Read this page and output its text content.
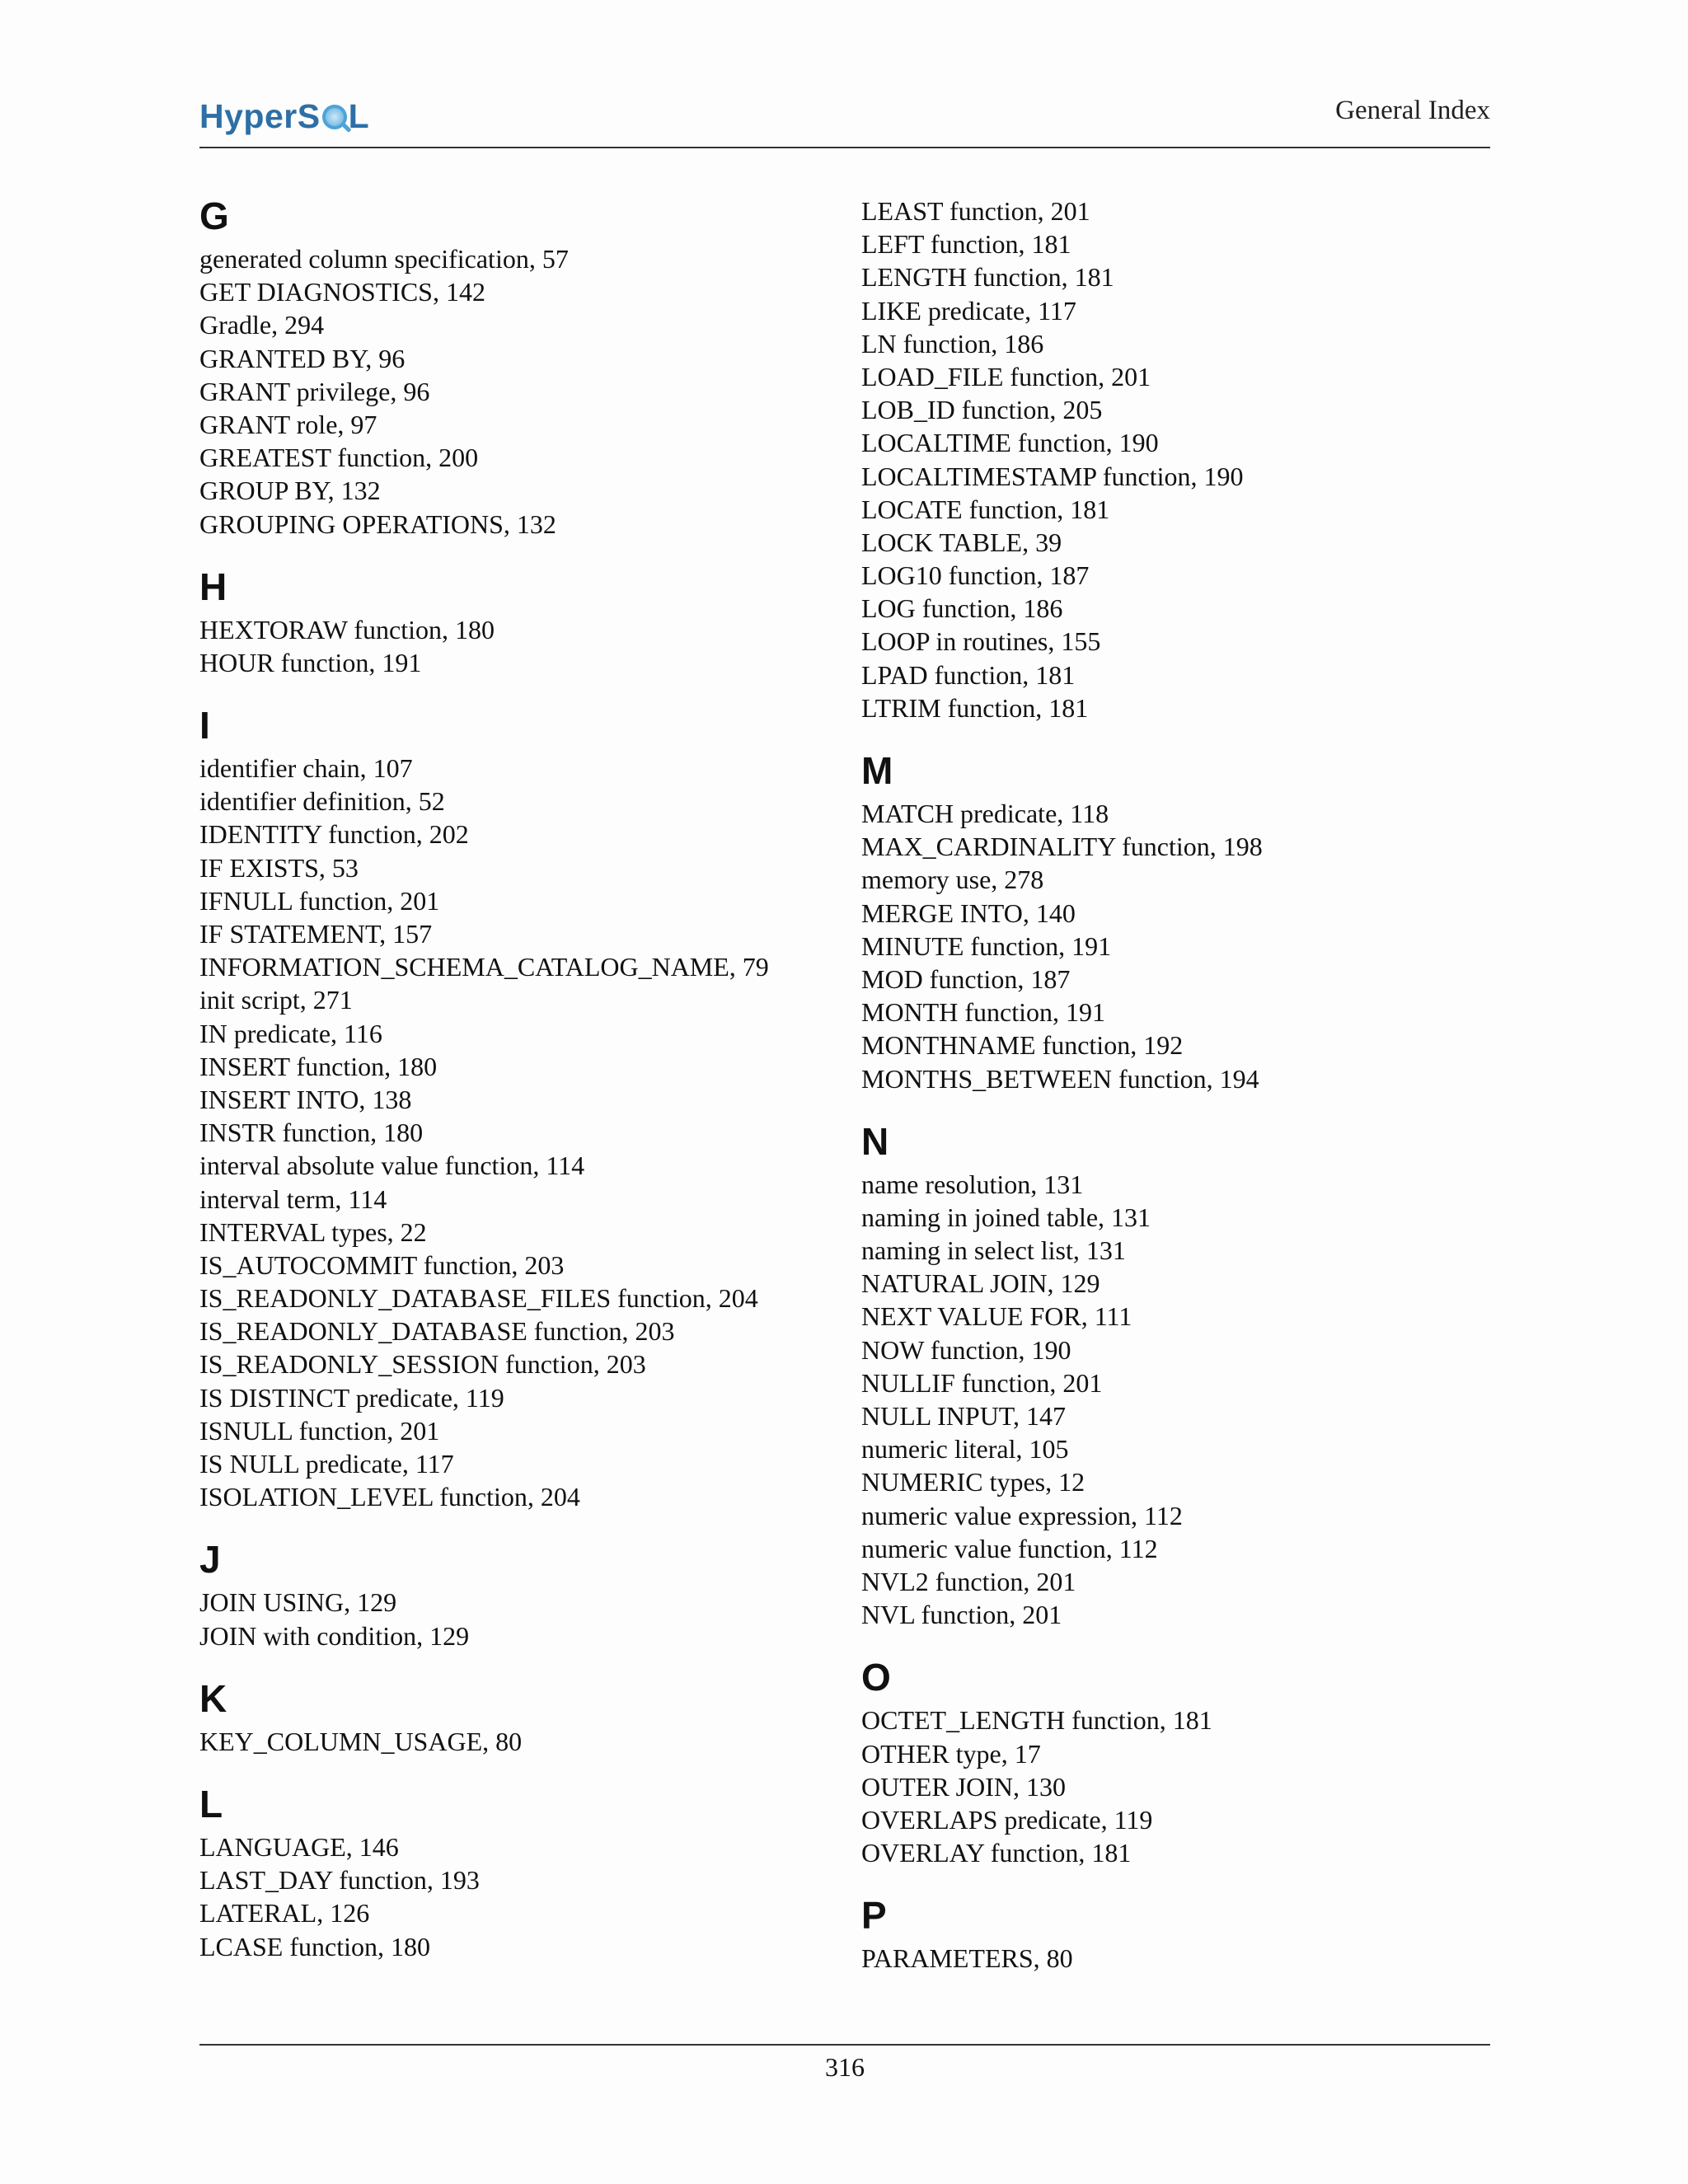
HyperS L	General Index
G
generated column specification, 57
GET DIAGNOSTICS, 142
Gradle, 294
GRANTED BY, 96
GRANT privilege, 96
GRANT role, 97
GREATEST function, 200
GROUP BY, 132
GROUPING OPERATIONS, 132
H
HEXTORAW function, 180
HOUR function, 191
I
identifier chain, 107
identifier definition, 52
IDENTITY function, 202
IF EXISTS, 53
IFNULL function, 201
IF STATEMENT, 157
INFORMATION_SCHEMA_CATALOG_NAME, 79
init script, 271
IN predicate, 116
INSERT function, 180
INSERT INTO, 138
INSTR function, 180
interval absolute value function, 114
interval term, 114
INTERVAL types, 22
IS_AUTOCOMMIT function, 203
IS_READONLY_DATABASE_FILES function, 204
IS_READONLY_DATABASE function, 203
IS_READONLY_SESSION function, 203
IS DISTINCT predicate, 119
ISNULL function, 201
IS NULL predicate, 117
ISOLATION_LEVEL function, 204
J
JOIN USING, 129
JOIN with condition, 129
K
KEY_COLUMN_USAGE, 80
L
LANGUAGE, 146
LAST_DAY function, 193
LATERAL, 126
LCASE function, 180
LEAST function, 201
LEFT function, 181
LENGTH function, 181
LIKE predicate, 117
LN function, 186
LOAD_FILE function, 201
LOB_ID function, 205
LOCALTIME function, 190
LOCALTIMESTAMP function, 190
LOCATE function, 181
LOCK TABLE, 39
LOG10 function, 187
LOG function, 186
LOOP in routines, 155
LPAD function, 181
LTRIM function, 181
M
MATCH predicate, 118
MAX_CARDINALITY function, 198
memory use, 278
MERGE INTO, 140
MINUTE function, 191
MOD function, 187
MONTH function, 191
MONTHNAME function, 192
MONTHS_BETWEEN function, 194
N
name resolution, 131
naming in joined table, 131
naming in select list, 131
NATURAL JOIN, 129
NEXT VALUE FOR, 111
NOW function, 190
NULLIF function, 201
NULL INPUT, 147
numeric literal, 105
NUMERIC types, 12
numeric value expression, 112
numeric value function, 112
NVL2 function, 201
NVL function, 201
O
OCTET_LENGTH function, 181
OTHER type, 17
OUTER JOIN, 130
OVERLAPS predicate, 119
OVERLAY function, 181
P
PARAMETERS, 80
316
